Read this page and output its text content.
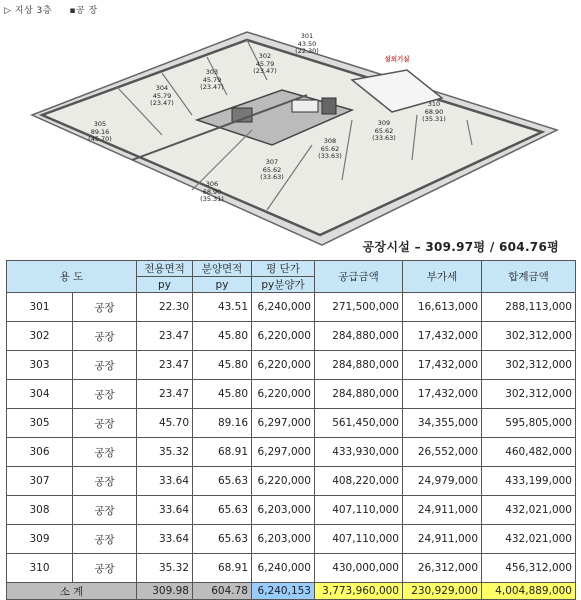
▷ 지상 3층 ▪공 장
설외기실
301
43.50
(22.30)
302
45.79
(23.47)
303
45.79
(23.47)
304
45.79
(23.47)
305
89.16
(45.70)
306
68.90
(35.31)
307
65.62
(33.63)
308
65.62
(33.63)
309
65.62
(33.63)
310
68.90
(35.31)
공장시설 – 309.97평 / 604.76평
용 도		전용면적	분양면적	평 단가	공급금액	부가세	합계금액
		py	py	py분양가			
301	공장	22.30	43.51	6,240,000	271,500,000	16,613,000	288,113,000
302	공장	23.47	45.80	6,220,000	284,880,000	17,432,000	302,312,000
303	공장	23.47	45.80	6,220,000	284,880,000	17,432,000	302,312,000
304	공장	23.47	45.80	6,220,000	284,880,000	17,432,000	302,312,000
305	공장	45.70	89.16	6,297,000	561,450,000	34,355,000	595,805,000
306	공장	35.32	68.91	6,297,000	433,930,000	26,552,000	460,482,000
307	공장	33.64	65.63	6,220,000	408,220,000	24,979,000	433,199,000
308	공장	33.64	65.63	6,203,000	407,110,000	24,911,000	432,021,000
309	공장	33.64	65.63	6,203,000	407,110,000	24,911,000	432,021,000
310	공장	35.32	68.91	6,240,000	430,000,000	26,312,000	456,312,000
소 계		309.98	604.78	6,240,153	3,773,960,000	230,929,000	4,004,889,000
